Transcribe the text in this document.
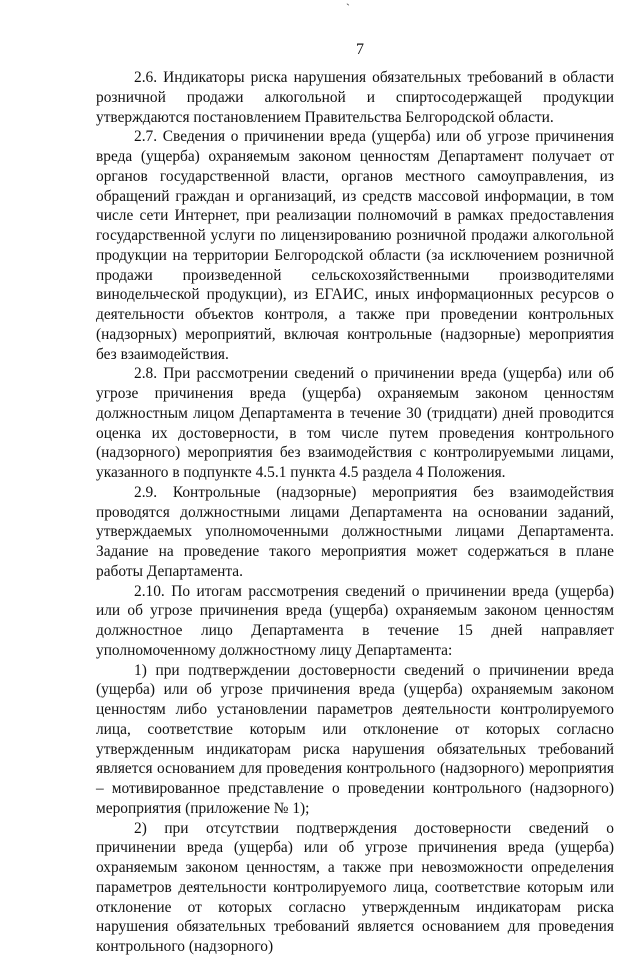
ˋ
7

2.6. Индикаторы риска нарушения обязательных требований в области розничной продажи алкогольной и спиртосодержащей продукции утверждаются постановлением Правительства Белгородской области.

2.7. Сведения о причинении вреда (ущерба) или об угрозе причинения вреда (ущерба) охраняемым законом ценностям Департамент получает от органов государственной власти, органов местного самоуправления, из обращений граждан и организаций, из средств массовой информации, в том числе сети Интернет, при реализации полномочий в рамках предоставления государственной услуги по лицензированию розничной продажи алкогольной продукции на территории Белгородской области (за исключением розничной продажи произведенной сельскохозяйственными производителями винодельческой продукции), из ЕГАИС, иных информационных ресурсов о деятельности объектов контроля, а также при проведении контрольных (надзорных) мероприятий, включая контрольные (надзорные) мероприятия без взаимодействия.

2.8. При рассмотрении сведений о причинении вреда (ущерба) или об угрозе причинения вреда (ущерба) охраняемым законом ценностям должностным лицом Департамента в течение 30 (тридцати) дней проводится оценка их достоверности, в том числе путем проведения контрольного (надзорного) мероприятия без взаимодействия с контролируемыми лицами, указанного в подпункте 4.5.1 пункта 4.5 раздела 4 Положения.

2.9. Контрольные (надзорные) мероприятия без взаимодействия проводятся должностными лицами Департамента на основании заданий, утверждаемых уполномоченными должностными лицами Департамента. Задание на проведение такого мероприятия может содержаться в плане работы Департамента.

2.10. По итогам рассмотрения сведений о причинении вреда (ущерба) или об угрозе причинения вреда (ущерба) охраняемым законом ценностям должностное лицо Департамента в течение 15 дней направляет уполномоченному должностному лицу Департамента:

1) при подтверждении достоверности сведений о причинении вреда (ущерба) или об угрозе причинения вреда (ущерба) охраняемым законом ценностям либо установлении параметров деятельности контролируемого лица, соответствие которым или отклонение от которых согласно утвержденным индикаторам риска нарушения обязательных требований является основанием для проведения контрольного (надзорного) мероприятия – мотивированное представление о проведении контрольного (надзорного) мероприятия (приложение № 1);

2) при отсутствии подтверждения достоверности сведений о причинении вреда (ущерба) или об угрозе причинения вреда (ущерба) охраняемым законом ценностям, а также при невозможности определения параметров деятельности контролируемого лица, соответствие которым или отклонение от которых согласно утвержденным индикаторам риска нарушения обязательных требований является основанием для проведения контрольного (надзорного)
